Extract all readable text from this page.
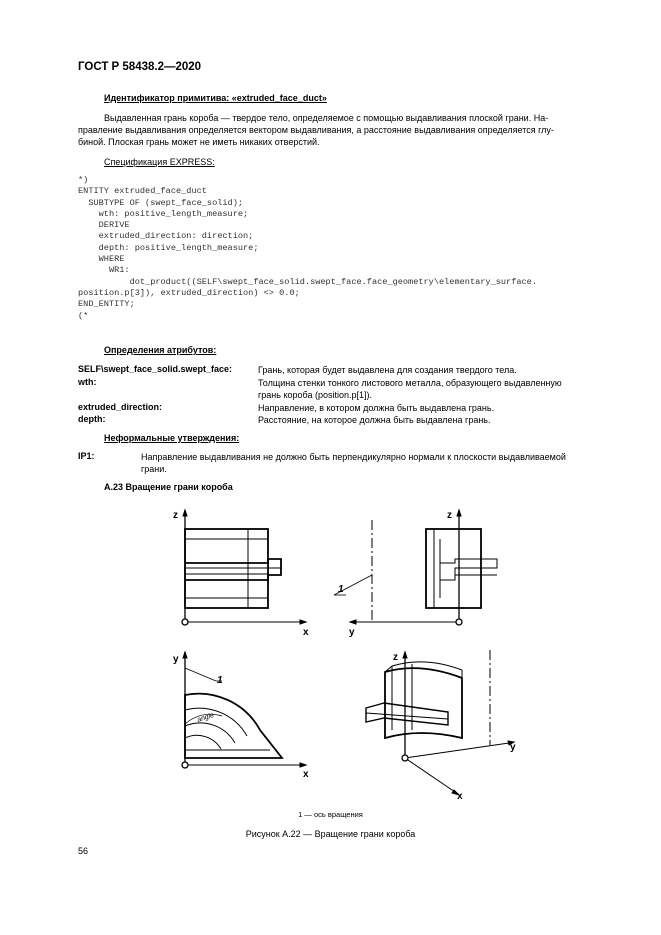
ГОСТ Р 58438.2—2020
Идентификатор примитива: «extruded_face_duct»
Выдавленная грань короба — твердое тело, определяемое с помощью выдавливания плоской грани. На-
правление выдавливания определяется вектором выдавливания, а расстояние выдавливания определяется глу-
биной. Плоская грань может не иметь никаких отверстий.
Спецификация EXPRESS:
*)
ENTITY extruded_face_duct
SUBTYPE OF (swept_face_solid);
wth: positive_length_measure;
DERIVE
extruded_direction: direction;
depth: positive_length_measure;
WHERE
WR1:
dot_product((SELF\swept_face_solid.swept_face.face_geometry\elementary_surface.
position.p[3]), extruded_direction) <> 0.0;
END_ENTITY;
(*
Определения атрибутов:
SELF\swept_face_solid.swept_face:	Грань, которая будет выдавлена для создания твердого тела.
wth:	Толщина стенки тонкого листового металла, образующего выдавленную
грань короба (position.p[1]).
extruded_direction:	Направление, в котором должна быть выдавлена грань.
depth:	Расстояние, на которое должна быть выдавлена грань.
Неформальные утверждения:
IP1:	Направление выдавливания не должно быть перпендикулярно нормали к плоскости выдавливаемой
грани.
A.23 Вращение грани короба
z
x
1
z
y
y
x
1
angle
z
y
x
1 — ось вращения
Рисунок А.22 — Вращение грани короба
56
